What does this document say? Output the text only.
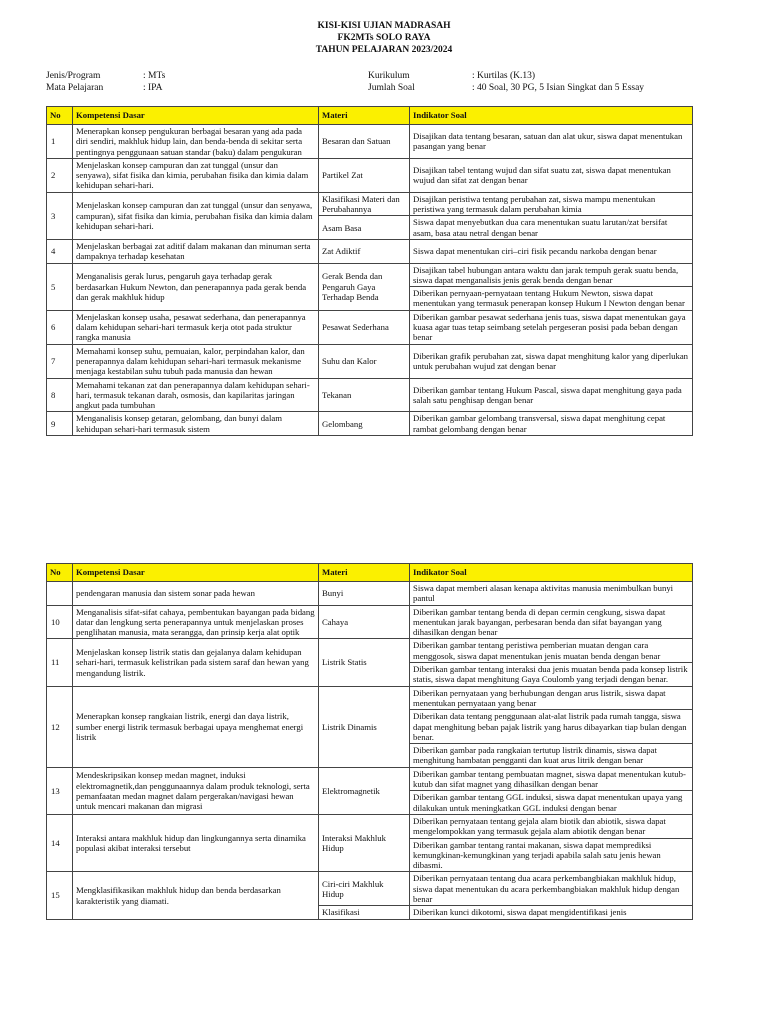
KISI-KISI UJIAN MADRASAH
FK2MTs SOLO RAYA
TAHUN PELAJARAN 2023/2024
Jenis/Program	: MTs
Mata Pelajaran	: IPA
Kurikulum	: Kurtilas (K.13)
Jumlah Soal	: 40 Soal, 30 PG, 5 Isian Singkat dan 5 Essay
No	Kompetensi Dasar	Materi	Indikator Soal
1	Menerapkan konsep pengukuran berbagai besaran yang ada pada diri sendiri, makhluk hidup lain, dan benda-benda di sekitar serta pentingnya penggunaan satuan standar (baku) dalam pengukuran	Besaran dan Satuan	Disajikan data tentang besaran, satuan dan alat ukur, siswa dapat menentukan pasangan yang benar
2	Menjelaskan konsep campuran dan zat tunggal (unsur dan senyawa), sifat fisika dan kimia, perubahan fisika dan kimia dalam kehidupan sehari-hari.	Partikel Zat	Disajikan tabel tentang wujud dan sifat suatu zat, siswa dapat menentukan wujud dan sifat zat dengan benar
3	Menjelaskan konsep campuran dan zat tunggal (unsur dan senyawa, campuran), sifat fisika dan kimia, perubahan fisika dan kimia dalam kehidupan sehari-hari.	Klasifikasi Materi dan Perubahannya	Disajikan peristiwa tentang perubahan zat, siswa mampu menentukan peristiwa yang termasuk dalam perubahan kimia
		Asam Basa	Siswa dapat menyebutkan dua cara menentukan suatu larutan/zat bersifat asam, basa atau netral dengan benar
4	Menjelaskan berbagai zat aditif dalam makanan dan minuman serta dampaknya terhadap kesehatan	Zat Adiktif	Siswa dapat menentukan ciri–ciri fisik pecandu narkoba dengan benar
5	Menganalisis gerak lurus, pengaruh gaya terhadap gerak berdasarkan Hukum Newton, dan penerapannya pada gerak benda dan gerak makhluk hidup	Gerak Benda dan Pengaruh Gaya Terhadap Benda	Disajikan tabel hubungan antara waktu dan jarak tempuh gerak suatu benda, siswa dapat menganalisis jenis gerak benda dengan benar
			Diberikan pernyaan-pernyataan tentang Hukum Newton, siswa dapat menentukan yang termasuk penerapan konsep Hukum I Newton dengan benar
6	Menjelaskan konsep usaha, pesawat sederhana, dan penerapannya dalam kehidupan sehari-hari termasuk kerja otot pada struktur rangka manusia	Pesawat Sederhana	Diberikan gambar pesawat sederhana jenis tuas, siswa dapat menentukan gaya kuasa agar tuas tetap seimbang setelah pergeseran posisi pada beban dengan benar
7	Memahami konsep suhu, pemuaian, kalor, perpindahan kalor, dan penerapannya dalam kehidupan sehari-hari termasuk mekanisme menjaga kestabilan suhu tubuh pada manusia dan hewan	Suhu dan Kalor	Diberikan grafik perubahan zat, siswa dapat menghitung kalor yang diperlukan untuk perubahan wujud zat dengan benar
8	Memahami tekanan zat dan penerapannya dalam kehidupan sehari-hari, termasuk tekanan darah, osmosis, dan kapilaritas jaringan angkut pada tumbuhan	Tekanan	Diberikan gambar tentang Hukum Pascal, siswa dapat menghitung gaya pada salah satu penghisap dengan benar
9	Menganalisis konsep getaran, gelombang, dan bunyi dalam kehidupan sehari-hari termasuk sistem	Gelombang	Diberikan gambar gelombang transversal, siswa dapat menghitung cepat rambat gelombang dengan benar
No	Kompetensi Dasar	Materi	Indikator Soal
	pendengaran manusia dan sistem sonar pada hewan	Bunyi	Siswa dapat memberi alasan kenapa aktivitas manusia menimbulkan bunyi pantul
10	Menganalisis sifat-sifat cahaya, pembentukan bayangan pada bidang datar dan lengkung serta penerapannya untuk menjelaskan proses penglihatan manusia, mata serangga, dan prinsip kerja alat optik	Cahaya	Diberikan gambar tentang benda di depan cermin cengkung, siswa dapat menentukan jarak bayangan, perbesaran benda dan sifat bayangan yang dihasilkan dengan benar
11	Menjelaskan konsep listrik statis dan gejalanya dalam kehidupan sehari-hari, termasuk kelistrikan pada sistem saraf dan hewan yang mengandung listrik.	Listrik Statis	Diberikan gambar tentang peristiwa pemberian muatan dengan cara menggosok, siswa dapat menentukan jenis muatan benda dengan benar
			Diberikan gambar tentang interaksi dua jenis muatan benda pada konsep listrik statis, siswa dapat menghitung Gaya Coulomb yang terjadi dengan benar.
12	Menerapkan konsep rangkaian listrik, energi dan daya listrik, sumber energi listrik termasuk berbagai upaya menghemat energi listrik	Listrik Dinamis	Diberikan pernyataan yang berhubungan dengan arus listrik, siswa dapat menentukan pernyataan yang benar
			Diberikan data tentang penggunaan alat-alat listrik pada rumah tangga, siswa dapat menghitung beban pajak listrik yang harus dibayarkan tiap bulan dengan benar.
			Diberikan gambar pada rangkaian tertutup listrik dinamis, siswa dapat menghitung hambatan pengganti dan kuat arus litrik dengan benar
13	Mendeskripsikan konsep medan magnet, induksi elektromagnetik,dan penggunaannya dalam produk teknologi, serta pemanfaatan medan magnet dalam pergerakan/navigasi hewan untuk mencari makanan dan migrasi	Elektromagnetik	Diberikan gambar tentang pembuatan magnet, siswa dapat menentukan kutub-kutub dan sifat magnet yang dihasilkan dengan benar
			Diberikan gambar tentang GGL induksi, siswa dapat menentukan upaya yang dilakukan untuk meningkatkan GGL induksi dengan benar
14	Interaksi antara makhluk hidup dan lingkungannya serta dinamika populasi akibat interaksi tersebut	Interaksi Makhluk Hidup	Diberikan pernyataan tentang gejala alam biotik dan abiotik, siswa dapat mengelompokkan yang termasuk gejala alam abiotik dengan benar
			Diberikan gambar tentang rantai makanan, siswa dapat memprediksi kemungkinan-kemungkinan yang terjadi apabila salah satu jenis hewan dibasmi.
15	Mengklasifikasikan makhluk hidup dan benda berdasarkan karakteristik yang diamati.	Ciri-ciri Makhluk Hidup	Diberikan pernyataan tentang dua acara perkembangbiakan makhluk hidup, siswa dapat menentukan du acara perkembangbiakan makhluk hidup dengan benar
		Klasifikasi	Diberikan kunci dikotomi, siswa dapat mengidentifikasi jenis
